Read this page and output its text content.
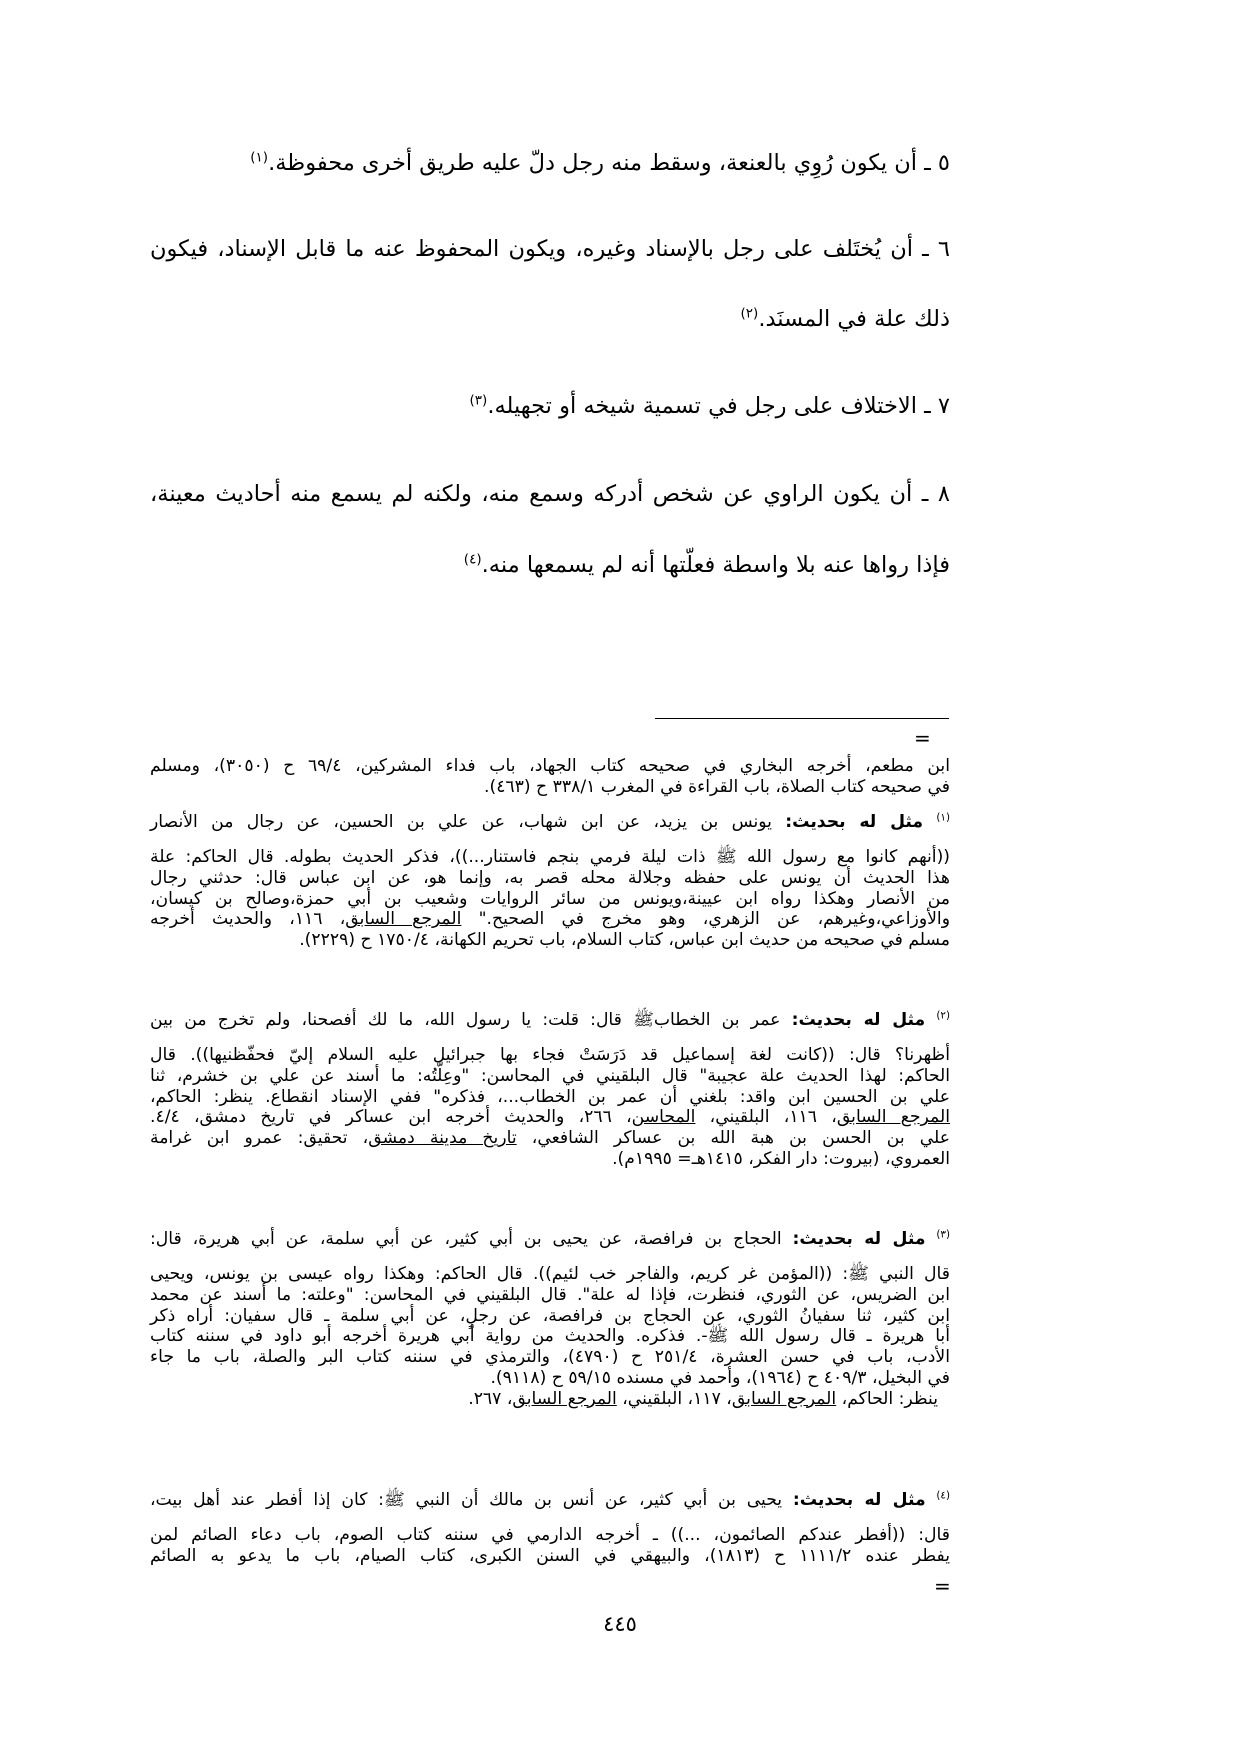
٥ ـ أن يكون رُوِي بالعنعة، وسقط منه رجل دلّ عليه طريق أخرى محفوظة.$^{(١)}$
٦ ـ أن يُختَلف على رجل بالإسناد وغيره، ويكون المحفوظ عنه ما قابل الإسناد، فيكون
ذلك علة في المسنَد.$^{(٢)}$
٧ ـ الاختلاف على رجل في تسمية شيخه أو تجهيله.$^{(٣)}$
٨ ـ أن يكون الراوي عن شخص أدركه وسمع منه، ولكنه لم يسمع منه أحاديث معينة،
فإذا رواها عنه بلا واسطة فعلّتها أنه لم يسمعها منه.$^{(٤)}$
=
ابن مطعم، أخرجه البخاري في صحيحه كتاب الجهاد، باب فداء المشركين، ٦٩/٤ ح (٣٠٥٠)، ومسلم
في صحيحه كتاب الصلاة، باب القراءة في المغرب ٣٣٨/١ ح (٤٦٣).
$^{(١)}$ مثل له بحديث: يونس بن يزيد، عن ابن شهاب، عن علي بن الحسين، عن رجال من الأنصار
((أنهم كانوا مع رسول الله ﷺ ذات ليلة فرمي بنجم فاستنار...))، فذكر الحديث بطوله. قال الحاكم: علة
هذا الحديث أن يونس على حفظه وجلالة محله قصر به، وإنما هو، عن ابن عباس قال: حدثني رجال
من الأنصار وهكذا رواه ابن عيينة،ويونس من سائر الروايات وشعيب بن أبي حمزة،وصالح بن كيسان،
والأوزاعي،وغيرهم، عن الزهري، وهو مخرج في الصحيح." المرجع السابق، ١١٦، والحديث أخرجه
مسلم في صحيحه من حديث ابن عباس، كتاب السلام، باب تحريم الكهانة، ١٧٥٠/٤ ح (٢٢٢٩).
$^{(٢)}$ مثل له بحديث: عمر بن الخطابﷺ قال: قلت: يا رسول الله، ما لك أفصحنا، ولم تخرج من بين
أظهرنا؟ قال: ((كانت لغة إسماعيل قد دَرَسَتْ فجاء بها جبرائيل عليه السلام إليّ فحفّظنيها)). قال
الحاكم: لهذا الحديث علة عجيبة" قال البلقيني في المحاسن: "وعِلّتُه: ما أسند عن علي بن خشرم، ثنا
علي بن الحسين ابن واقد: بلغني أن عمر بن الخطاب...، فذكره" ففي الإسناد انقطاع. ينظر: الحاكم،
المرجع السابق، ١١٦، البلقيني، المحاسن، ٢٦٦، والحديث أخرجه ابن عساكر في تاريخ دمشق، ٤/٤.
علي بن الحسن بن هبة الله بن عساكر الشافعي، تاريخ مدينة دمشق، تحقيق: عمرو ابن غرامة
العمروي، (بيروت: دار الفكر، ١٤١٥هـ= ١٩٩٥م).
$^{(٣)}$ مثل له بحديث: الحجاج بن فرافصة، عن يحيى بن أبي كثير، عن أبي سلمة، عن أبي هريرة، قال:
قال النبي ﷺ: ((المؤمن غر كريم، والفاجر خب لئيم)). قال الحاكم: وهكذا رواه عيسى بن يونس، ويحيى
ابن الضريس، عن الثوري، فنظرت، فإذا له علة". قال البلقيني في المحاسن: "وعلته: ما أسند عن محمد
ابن كثير، ثنا سفيانُ الثوري، عن الحجاج بن فرافصة، عن رجلٍ، عن أبي سلمة ـ قال سفيان: أراه ذكر
أبا هريرة ـ قال رسول الله ﷺ-. فذكره. والحديث من رواية أبي هريرة أخرجه أبو داود في سننه كتاب
الأدب، باب في حسن العشرة، ٢٥١/٤ ح (٤٧٩٠)، والترمذي في سننه كتاب البر والصلة، باب ما جاء
في البخيل، ٤٠٩/٣ ح (١٩٦٤)، وأحمد في مسنده ٥٩/١٥ ح (٩١١٨).
ينظر: الحاكم، المرجع السابق، ١١٧، البلقيني، المرجع السابق، ٢٦٧.
$^{(٤)}$ مثل له بحديث: يحيى بن أبي كثير، عن أنس بن مالك أن النبي ﷺ: كان إذا أفطر عند أهل بيت،
قال: ((أفطر عندكم الصائمون، ...)) ـ أخرجه الدارمي في سننه كتاب الصوم، باب دعاء الصائم لمن
يفطر عنده ١١١١/٢ ح (١٨١٣)، والبيهقي في السنن الكبرى، كتاب الصيام، باب ما يدعو به الصائم
=
٤٤٥
